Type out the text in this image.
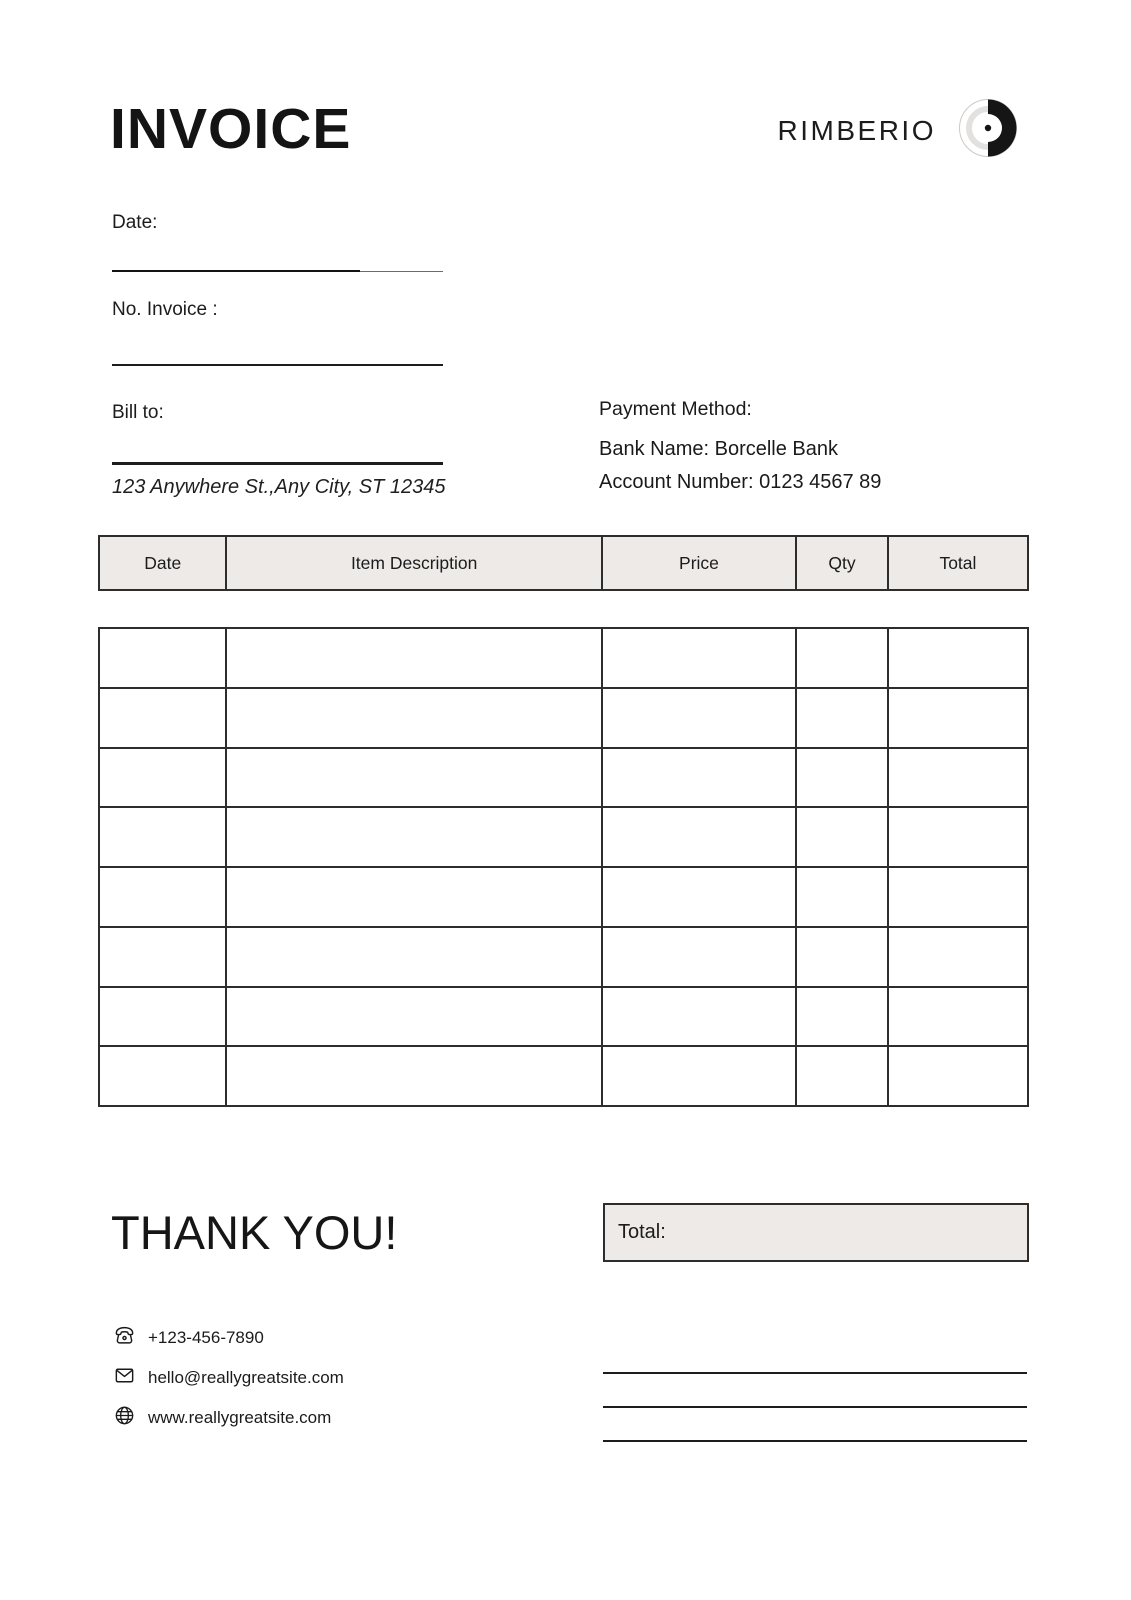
INVOICE	RIMBERIO
Date:
No. Invoice :
Bill to:
123 Anywhere St.,Any City, ST 12345
Payment Method:
Bank Name: Borcelle Bank
Account Number: 0123 4567 89
Date	Item Description	Price	Qty	Total
THANK YOU!	Total:
+123-456-7890
hello@reallygreatsite.com
www.reallygreatsite.com
